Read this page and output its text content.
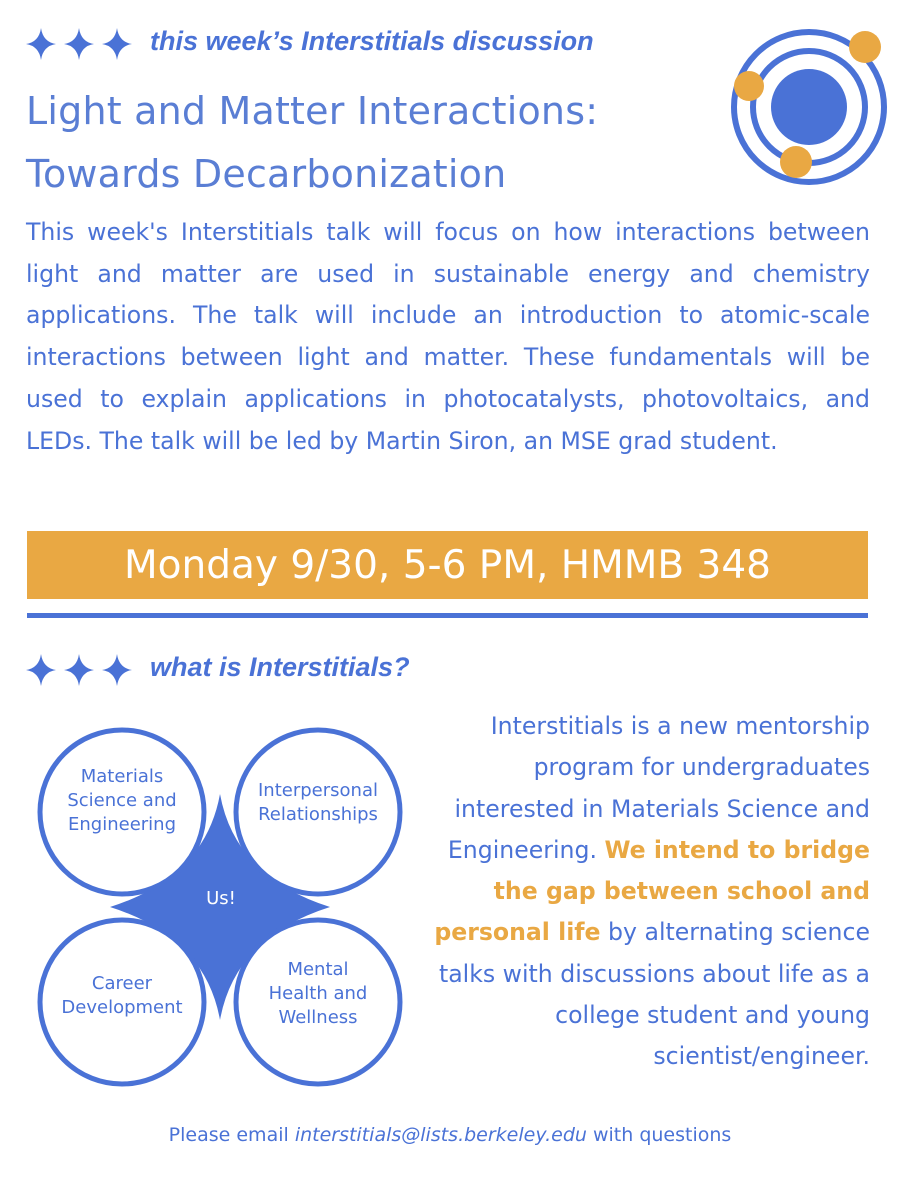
this week’s Interstitials discussion
Light and Matter Interactions:
Towards Decarbonization
This week's Interstitials talk will focus on how interactions between light and matter are used in sustainable energy and chemistry applications. The talk will include an introduction to atomic-scale interactions between light and matter. These fundamentals will be used to explain applications in photocatalysts, photovoltaics, and LEDs. The talk will be led by Martin Siron, an MSE grad student.
Monday 9/30, 5-6 PM, HMMB 348
what is Interstitials?
Materials
Science and
Engineering
Interpersonal
Relationships
Us!
Career
Development
Mental
Health and
Wellness
Interstitials is a new mentorship program for undergraduates interested in Materials Science and Engineering. We intend to bridge the gap between school and personal life by alternating science talks with discussions about life as a college student and young scientist/engineer.
Please email interstitials@lists.berkeley.edu with questions
